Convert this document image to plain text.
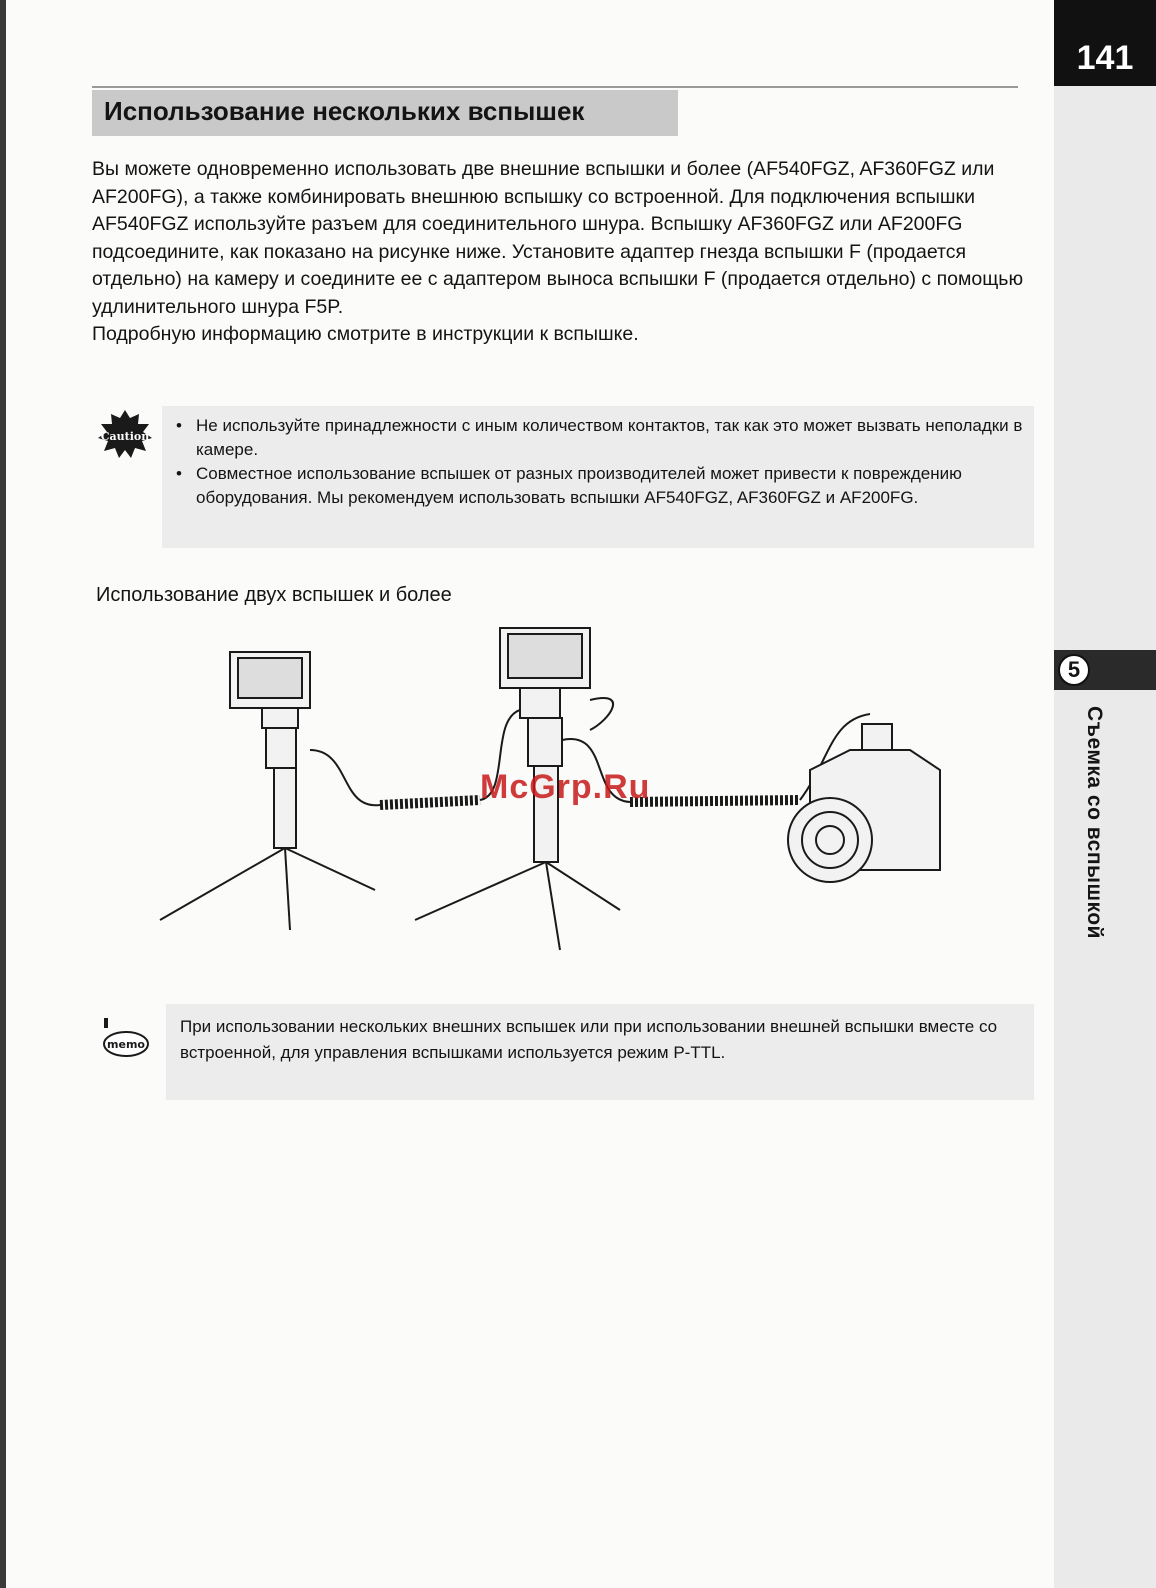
141
5
Съемка со вспышкой
Использование нескольких вспышек

Вы можете одновременно использовать две внешние вспышки и более (AF540FGZ, AF360FGZ или AF200FG), а также комбинировать внешнюю вспышку со встроенной. Для подключения вспышки AF540FGZ используйте разъем для соединительного шнура. Вспышку AF360FGZ или AF200FG подсоедините, как показано на рисунке ниже. Установите адаптер гнезда вспышки F (продается отдельно) на камеру и соедините ее с адаптером выноса вспышки F (продается отдельно) с помощью удлинительного шнура F5P.

Подробную информацию смотрите в инструкции к вспышке.

Caution
• Не используйте принадлежности с иным количеством контактов, так как это может вызвать неполадки в камере.
• Совместное использование вспышек от разных производителей может привести к повреждению оборудования. Мы рекомендуем использовать вспышки AF540FGZ, AF360FGZ и AF200FG.
Использование двух вспышек и более
McGrp.Ru
memo
При использовании нескольких внешних вспышек или при использовании внешней вспышки вместе со встроенной, для управления вспышками используется режим P-TTL.
